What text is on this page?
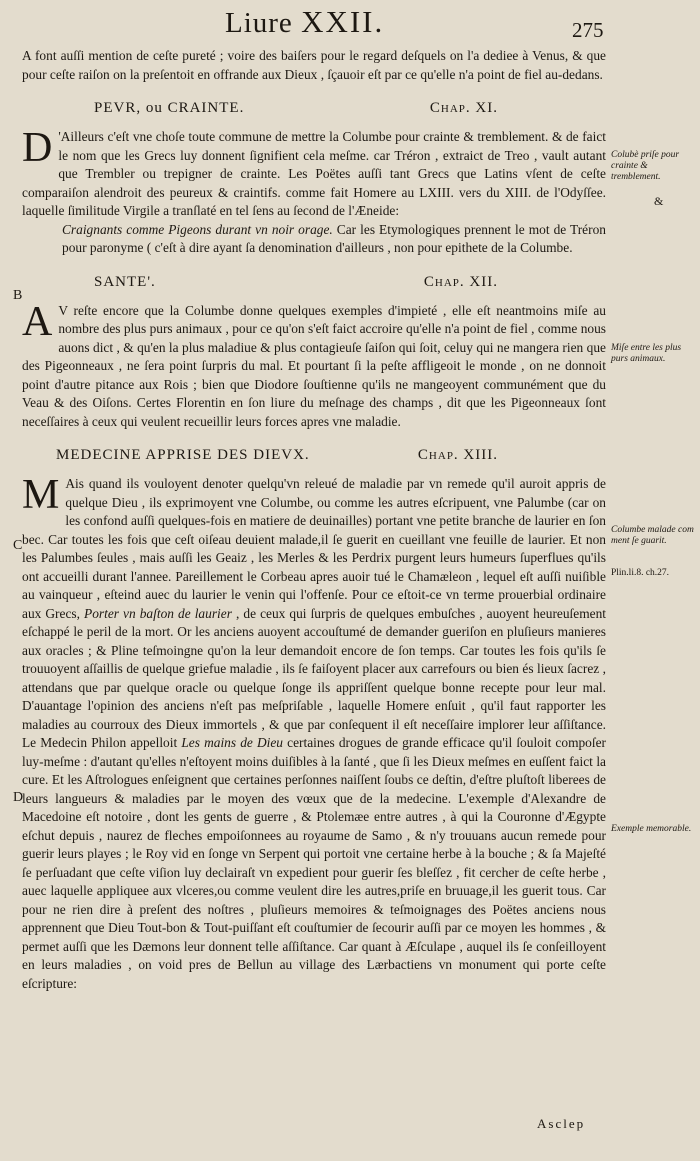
Liure XXII.	275

A font auſſi mention de ceſte pureté ; voire des baiſers pour le regard deſquels on l'a dediee à Venus, & que pour ceſte raiſon on la preſentoit en offrande aux Dieux , ſçauoir eſt par ce qu'elle n'a point de fiel au-dedans.

PEVR, ou CRAINTE.	Chap. XI.

D 'Ailleurs c'eſt vne choſe toute commune de mettre la Columbe pour crainte & tremblement. & de faict le nom que les Grecs luy donnent ſignifient cela meſme. car Tréron , extraict de Treo , vault autant que Trembler ou trepigner de crainte. Les Poëtes auſſi tant Grecs que Latins vſent de ceſte comparaiſon alendroit des peureux & craintifs. comme fait Homere au LXIII. vers du XIII. de l'Odyſſee. laquelle ſimilitude Virgile a tranſlaté en tel ſens au ſecond de l'Æneide:

Craignants comme Pigeons durant vn noir orage. Car les Etymologiques prennent le mot de Tréron pour paronyme ( c'eſt à dire ayant ſa denomination d'ailleurs , non pour epithete de la Columbe.

SANTE'.	Chap. XII.

A V reſte encore que la Columbe donne quelques exemples d'impieté , elle eſt neantmoins miſe au nombre des plus purs animaux , pour ce qu'on s'eſt faict accroire qu'elle n'a point de fiel , comme nous auons dict , & qu'en la plus maladiue & plus contagieuſe ſaiſon qui ſoit, celuy qui ne mangera rien que des Pigeonneaux , ne ſera point ſurpris du mal. Et pourtant ſi la peſte affligeoit le monde , on ne donnoit point d'autre pitance aux Rois ; bien que Diodore ſouſtienne qu'ils ne mangeoyent communément que du Veau & des Oiſons. Certes Florentin en ſon liure du meſnage des champs , dit que les Pigeonneaux ſont neceſſaires à ceux qui veulent recueillir leurs forces apres vne maladie.

MEDECINE APPRISE DES DIEVX.	Chap. XIII.

M Ais quand ils vouloyent denoter quelqu'vn releué de maladie par vn remede qu'il auroit appris de quelque Dieu , ils exprimoyent vne Columbe, ou comme les autres eſcripuent, vne Palumbe (car on les confond auſſi quelques-fois en matiere de deuinailles) portant vne petite branche de laurier en ſon bec. Car toutes les fois que ceſt oiſeau deuient malade,il ſe guerit en cueillant vne feuille de laurier. Et non les Palumbes ſeules , mais auſſi les Geaiz , les Merles & les Perdrix purgent leurs humeurs ſuperflues qu'ils ont accueilli durant l'annee. Pareillement le Corbeau apres auoir tué le Chamæleon , lequel eſt auſſi nuiſible au vainqueur , eſteind auec du laurier le venin qui l'offenſe. Pour ce eſtoit-ce vn terme prouerbial ordinaire aux Grecs, Porter vn baſton de laurier , de ceux qui ſurpris de quelques embuſches , auoyent heureuſement eſchappé le peril de la mort. Or les anciens auoyent accouſtumé de demander gueriſon en pluſieurs manieres aux oracles ; & Pline teſmoingne qu'on la leur demandoit encore de ſon temps. Car toutes les fois qu'ils ſe trouuoyent aſſaillis de quelque griefue maladie , ils ſe faiſoyent placer aux carrefours ou bien és lieux ſacrez , attendans que par quelque oracle ou quelque ſonge ils appriſſent quelque bonne recepte pour leur mal. D'auantage l'opinion des anciens n'eſt pas meſpriſable , laquelle Homere enſuit , qu'il faut rapporter les maladies au courroux des Dieux immortels , & que par conſequent il eſt neceſſaire implorer leur aſſiſtance. Le Medecin Philon appelloit Les mains de Dieu certaines drogues de grande efficace qu'il ſouloit compoſer luy-meſme : d'autant qu'elles n'eſtoyent moins duiſibles à la ſanté , que ſi les Dieux meſmes en euſſent faict la cure. Et les Aſtrologues enſeignent que certaines perſonnes naiſſent ſoubs ce deſtin, d'eſtre pluſtoſt liberees de leurs langueurs & maladies par le moyen des vœux que de la medecine. L'exemple d'Alexandre de Macedoine eſt notoire , dont les gents de guerre , & Ptolemæe entre autres , à qui la Couronne d'Ægypte eſchut depuis , naurez de fleches empoiſonnees au royaume de Samo , & n'y trouuans aucun remede pour guerir leurs playes ; le Roy vid en ſonge vn Serpent qui portoit vne certaine herbe à la bouche ; & ſa Majeſté ſe perſuadant que ceſte viſion luy declairaſt vn expedient pour guerir ſes bleſſez , fit cercher de ceſte herbe , auec laquelle appliquee aux vlceres,ou comme veulent dire les autres,priſe en bruuage,il les guerit tous. Car pour ne rien dire à preſent des noſtres , pluſieurs memoires & teſmoignages des Poëtes anciens nous apprennent que Dieu Tout-bon & Tout-puiſſant eſt couſtumier de ſecourir auſſi par ce moyen les hommes , & permet auſſi que les Dæmons leur donnent telle aſſiſtance. Car quant à Æſculape , auquel ils ſe conſeilloyent en leurs maladies , on void pres de Bellun au village des Lærbactiens vn monument qui porte ceſte eſcripture:

Colubè priſe pour crainte & tremblement.
&
Miſe entre les plus purs animaux.
Columbe malade com ment ſe guarit.
Plin.li.8. ch.27.
Exemple memorable.
B
C
D
Asclep
